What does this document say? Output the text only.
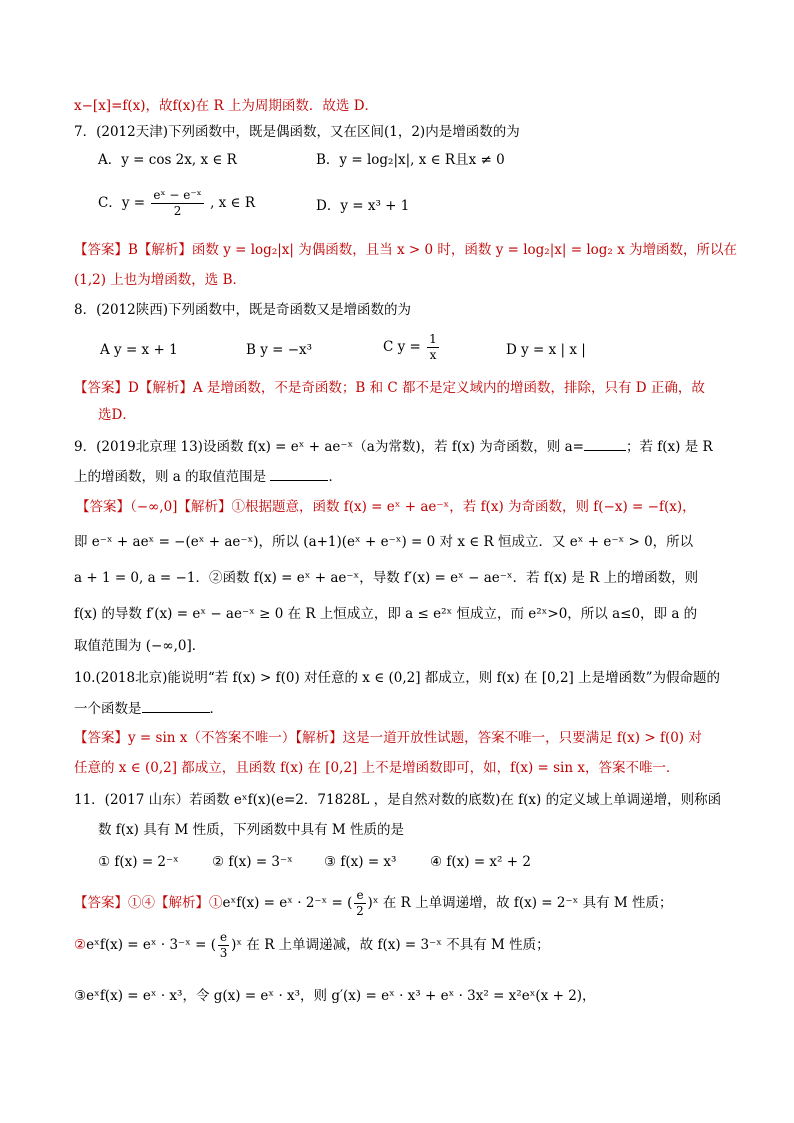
x−[x]=f(x)，故f(x)在 R 上为周期函数．故选 D．
7．(2012天津)下列函数中，既是偶函数，又在区间(1，2)内是增函数的为
A．y = cos 2x, x ∈ R	B．y = log₂|x|, x ∈ R且x ≠ 0
C．$y = \frac{\text{eˣ − e⁻ˣ}}{2}$ , x ∈ R	D．y = x³ + 1
【答案】B【解析】函数 y = log₂|x| 为偶函数，且当 x > 0 时，函数 y = log₂|x| = log₂ x 为增函数，所以在
(1,2) 上也为增函数，选 B．
8．(2012陕西)下列函数中，既是奇函数又是增函数的为
A y = x + 1	B y = −x³	C $y = \frac{1}{x}$	D y = x | x |
【答案】D【解析】A 是增函数，不是奇函数；B 和 C 都不是定义域内的增函数，排除，只有 D 正确，故
选D．
9．(2019北京理 13)设函数 f(x) = eˣ + ae⁻ˣ（a为常数)，若 f(x) 为奇函数，则 a=	；若 f(x) 是 R
上的增函数，则 a 的取值范围是	．
【答案】（−∞,0]【解析】①根据题意，函数 f(x) = eˣ + ae⁻ˣ，若 f(x) 为奇函数，则 f(−x) = −f(x)，
即 e⁻ˣ + aeˣ = −(eˣ + ae⁻ˣ)，所以 (a+1)(eˣ + e⁻ˣ) = 0 对 x ∈ R 恒成立．又 eˣ + e⁻ˣ > 0，所以
a + 1 = 0, a = −1．②函数 f(x) = eˣ + ae⁻ˣ，导数 f′(x) = eˣ − ae⁻ˣ．若 f(x) 是 R 上的增函数，则
f(x) 的导数 f′(x) = eˣ − ae⁻ˣ ≥ 0 在 R 上恒成立，即 a ≤ e²ˣ 恒成立，而 e²ˣ>0，所以 a≤0，即 a 的
取值范围为 (−∞,0]．
10.(2018北京)能说明“若 f(x) > f(0) 对任意的 x ∈ (0,2] 都成立，则 f(x) 在 [0,2] 上是增函数”为假命题的
一个函数是	．
【答案】y = sin x（不答案不唯一）【解析】这是一道开放性试题，答案不唯一，只要满足 f(x) > f(0) 对
任意的 x ∈ (0,2] 都成立，且函数 f(x) 在 [0,2] 上不是增函数即可，如，f(x) = sin x，答案不唯一．
11．(2017 山东）若函数 eˣf(x)(e=2．71828L ，是自然对数的底数)在 f(x) 的定义域上单调递增，则称函
数 f(x) 具有 M 性质，下列函数中具有 M 性质的是
① f(x) = 2⁻ˣ ② f(x) = 3⁻ˣ ③ f(x) = x³ ④ f(x) = x² + 2
【答案】①④【解析】①eˣf(x) = eˣ · 2⁻ˣ = ( $\frac{e}{2}$ )ˣ 在 R 上单调递增，故 f(x) = 2⁻ˣ 具有 M 性质；
②eˣf(x) = eˣ · 3⁻ˣ = ( $\frac{e}{3}$ )ˣ 在 R 上单调递减，故 f(x) = 3⁻ˣ 不具有 M 性质；
③eˣf(x) = eˣ · x³，令 g(x) = eˣ · x³，则 g′(x) = eˣ · x³ + eˣ · 3x² = x²eˣ(x + 2)，
